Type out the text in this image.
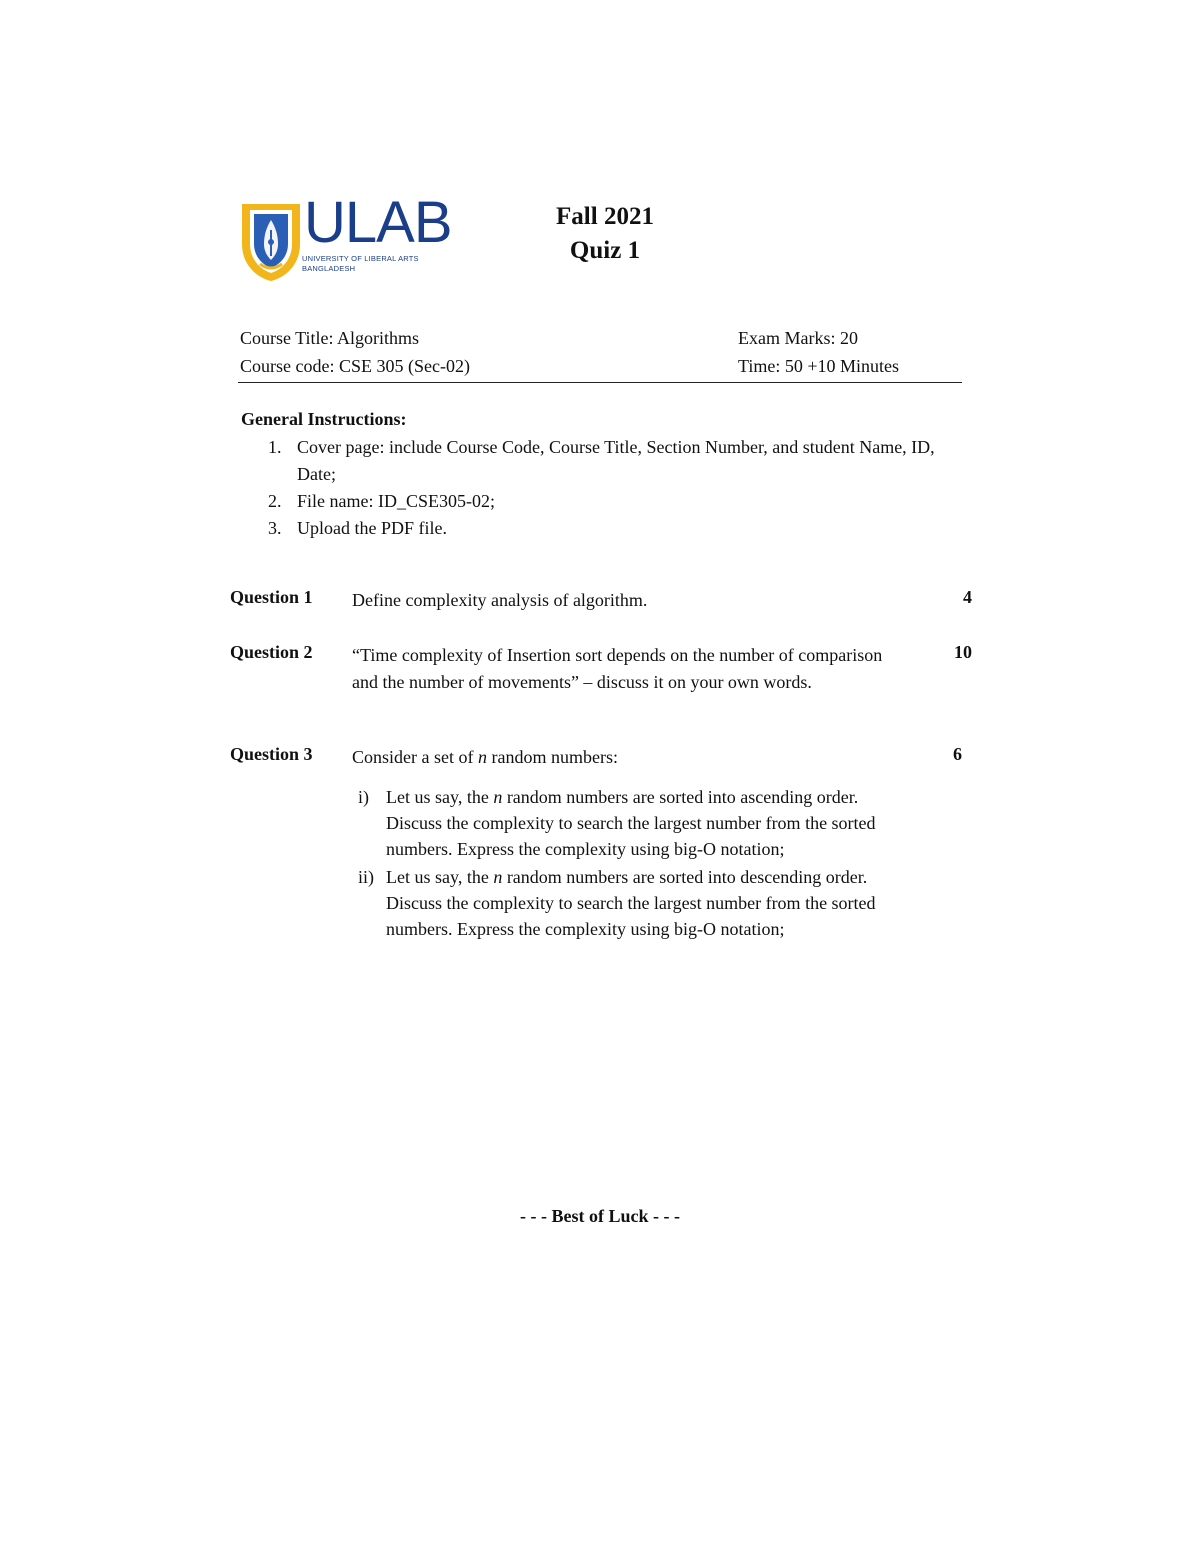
ULAB
UNIVERSITY OF LIBERAL ARTS
BANGLADESH
Fall 2021
Quiz 1
Course Title: Algorithms
Course code: CSE 305 (Sec-02)
Exam Marks: 20
Time: 50 +10 Minutes
General Instructions:
1. Cover page: include Course Code, Course Title, Section Number, and student Name, ID, Date;
2. File name: ID_CSE305-02;
3. Upload the PDF file.
Question 1 Define complexity analysis of algorithm.	4
Question 2 “Time complexity of Insertion sort depends on the number of comparison and the number of movements” – discuss it on your own words.
10
Question 3 Consider a set of n random numbers:	6
i) Let us say, the n random numbers are sorted into ascending order. Discuss the complexity to search the largest number from the sorted numbers. Express the complexity using big-O notation;
ii) Let us say, the n random numbers are sorted into descending order. Discuss the complexity to search the largest number from the sorted numbers. Express the complexity using big-O notation;
- - - Best of Luck - - -
